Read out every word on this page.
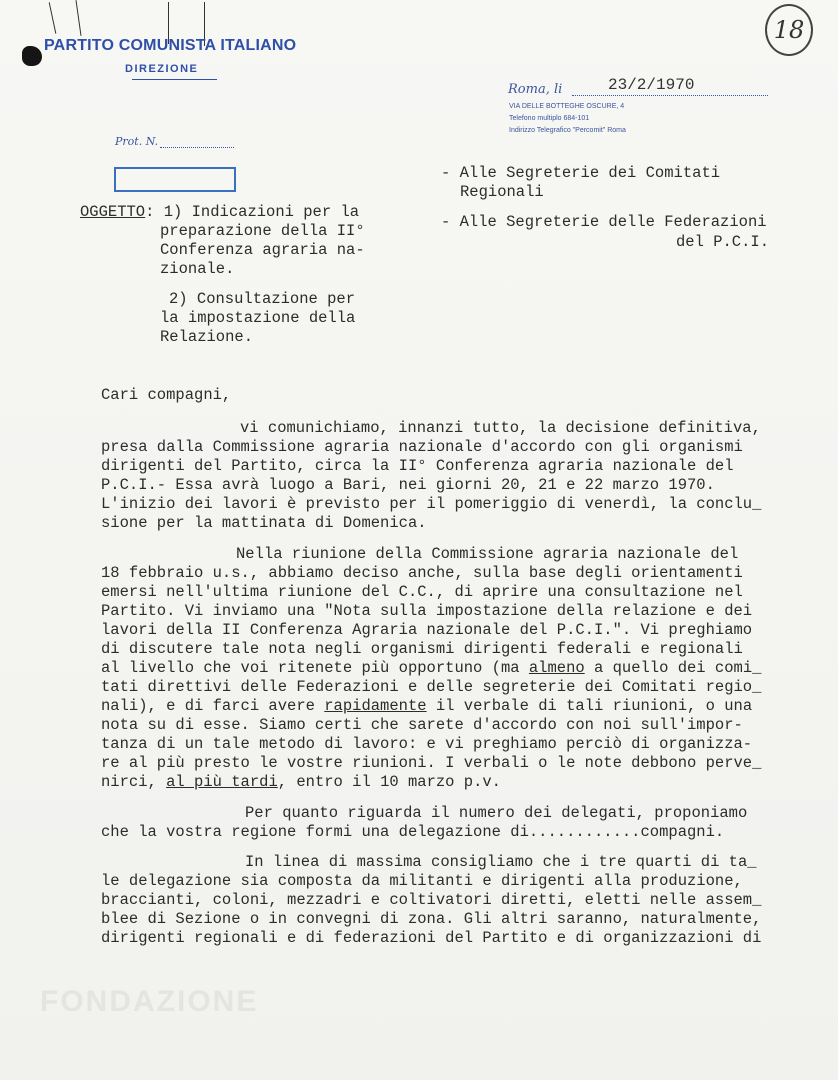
PARTITO COMUNISTA ITALIANO
DIREZIONE
18
Roma, li	23/2/1970
VIA DELLE BOTTEGHE OSCURE, 4
Telefono multiplo 684-101
Indirizzo Telegrafico "Percomit" Roma
Prot. N.
- Alle Segreterie dei Comitati
Regionali
- Alle Segreterie delle Federazioni
del P.C.I.
OGGETTO: 1) Indicazioni per la
preparazione della II°
Conferenza agraria na-
zionale.
2) Consultazione per
la impostazione della
Relazione.
Cari compagni,
vi comunichiamo, innanzi tutto, la decisione definitiva,
presa dalla Commissione agraria nazionale d'accordo con gli organismi
dirigenti del Partito, circa la II° Conferenza agraria nazionale del
P.C.I.- Essa avrà luogo a Bari, nei giorni 20, 21 e 22 marzo 1970.
L'inizio dei lavori è previsto per il pomeriggio di venerdì, la conclu_
sione per la mattinata di Domenica.
Nella riunione della Commissione agraria nazionale del
18 febbraio u.s., abbiamo deciso anche, sulla base degli orientamenti
emersi nell'ultima riunione del C.C., di aprire una consultazione nel
Partito. Vi inviamo una "Nota sulla impostazione della relazione e dei
lavori della II Conferenza Agraria nazionale del P.C.I.". Vi preghiamo
di discutere tale nota negli organismi dirigenti federali e regionali
al livello che voi ritenete più opportuno (ma almeno a quello dei comi_
tati direttivi delle Federazioni e delle segreterie dei Comitati regio_
nali), e di farci avere rapidamente il verbale di tali riunioni, o una
nota su di esse. Siamo certi che sarete d'accordo con noi sull'impor-
tanza di un tale metodo di lavoro: e vi preghiamo perciò di organizza-
re al più presto le vostre riunioni. I verbali o le note debbono perve_
nirci, al più tardi, entro il 10 marzo p.v.
Per quanto riguarda il numero dei delegati, proponiamo
che la vostra regione formi una delegazione di............compagni.
In linea di massima consigliamo che i tre quarti di ta_
le delegazione sia composta da militanti e dirigenti alla produzione,
braccianti, coloni, mezzadri e coltivatori diretti, eletti nelle assem_
blee di Sezione o in convegni di zona. Gli altri saranno, naturalmente,
dirigenti regionali e di federazioni del Partito e di organizzazioni di
FONDAZIONE
